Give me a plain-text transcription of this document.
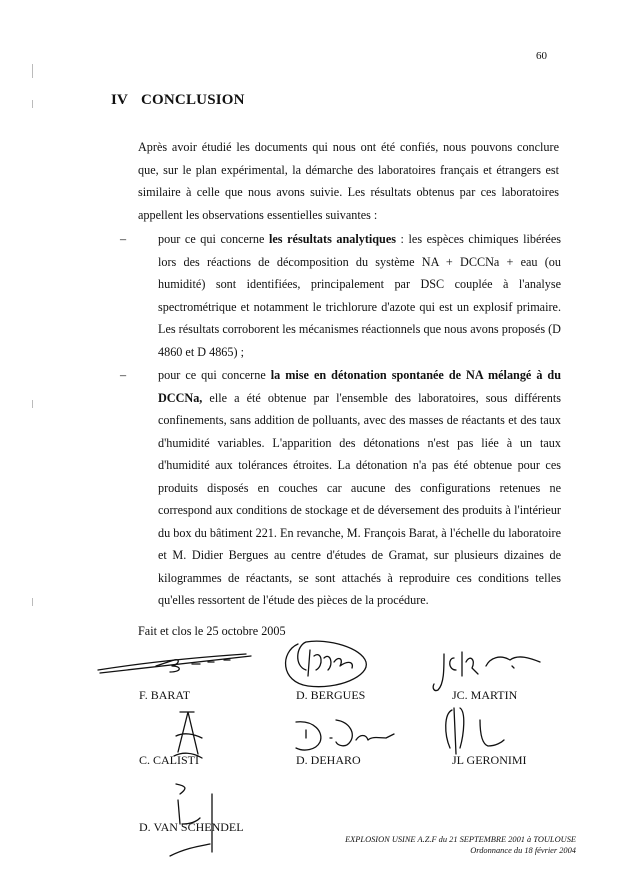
60
IV CONCLUSION
Après avoir étudié les documents qui nous ont été confiés, nous pouvons conclure que, sur le plan expérimental, la démarche des laboratoires français et étrangers est similaire à celle que nous avons suivie. Les résultats obtenus par ces laboratoires appellent les observations essentielles suivantes :
–	pour ce qui concerne les résultats analytiques : les espèces chimiques libérées lors des réactions de décomposition du système NA + DCCNa + eau (ou humidité) sont identifiées, principalement par DSC couplée à l'analyse spectrométrique et notamment le trichlorure d'azote qui est un explosif primaire. Les résultats corroborent les mécanismes réactionnels que nous avons proposés (D 4860 et D 4865) ;
–	pour ce qui concerne la mise en détonation spontanée de NA mélangé à du DCCNa, elle a été obtenue par l'ensemble des laboratoires, sous différents confinements, sans addition de polluants, avec des masses de réactants et des taux d'humidité variables. L'apparition des détonations n'est pas liée à un taux d'humidité aux tolérances étroites. La détonation n'a pas été obtenue pour ces produits disposés en couches car aucune des configurations retenues ne correspond aux conditions de stockage et de déversement des produits à l'intérieur du box du bâtiment 221. En revanche, M. François Barat, à l'échelle du laboratoire et M. Didier Bergues au centre d'études de Gramat, sur plusieurs dizaines de kilogrammes de réactants, se sont attachés à reproduire ces conditions telles qu'elles ressortent de l'étude des pièces de la procédure.
Fait et clos le 25 octobre 2005
F. BARAT	D. BERGUES	JC. MARTIN
C. CALISTI	D. DEHARO	JL GERONIMI
D. VAN SCHENDEL
EXPLOSION USINE A.Z.F du 21 SEPTEMBRE 2001 à TOULOUSE
Ordonnance du 18 février 2004
